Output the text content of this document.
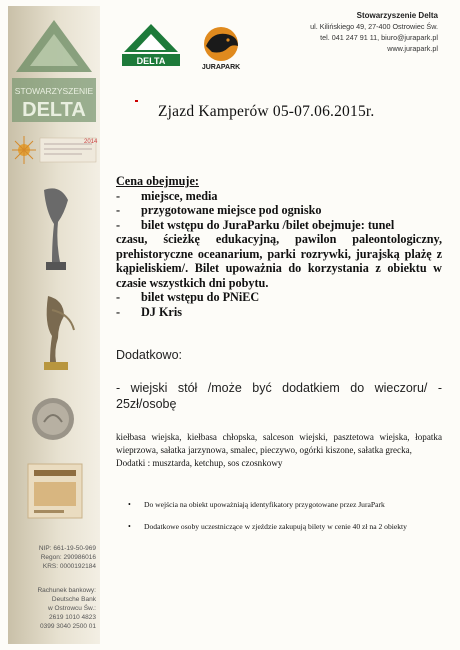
STOWARZYSZENIE
DELTA
2014
NIP: 661-19-50-969
Regon: 290986016
KRS: 0000192184
Rachunek bankowy:
Deutsche Bank
w Ostrowcu Św.:
2619 1010 4823
0399 3040 2500 01
DELTA
JURAPARK
Stowarzyszenie Delta
ul. Kilińskiego 49, 27-400 Ostrowiec Św.
tel. 041 247 91 11, biuro@jurapark.pl
www.jurapark.pl
Zjazd Kamperów 05-07.06.2015r.
Cena obejmuje:
-	miejsce, media
-	przygotowane miejsce pod ognisko
-	bilet wstępu do JuraParku /bilet obejmuje: tunel
czasu, ścieżkę edukacyjną, pawilon paleontologiczny, prehistoryczne oceanarium, parki rozrywki, jurajską plażę z kąpieliskiem/. Bilet upoważnia do korzystania z obiektu w czasie wszystkich dni pobytu.
-	bilet wstępu do PNiEC
-	DJ Kris
Dodatkowo:
- wiejski stół /może być dodatkiem do wieczoru/ - 25zł/osobę
kiełbasa wiejska, kiełbasa chłopska, salceson wiejski, pasztetowa wiejska, łopatka wieprzowa, sałatka jarzynowa, smalec, pieczywo, ogórki kiszone, sałatka grecka,
Dodatki : musztarda, ketchup, sos czosnkowy
•	Do wejścia na obiekt upoważniają identyfikatory przygotowane przez JuraPark
•	Dodatkowe osoby uczestniczące w zjeździe zakupują bilety w cenie 40 zł na 2 obiekty
